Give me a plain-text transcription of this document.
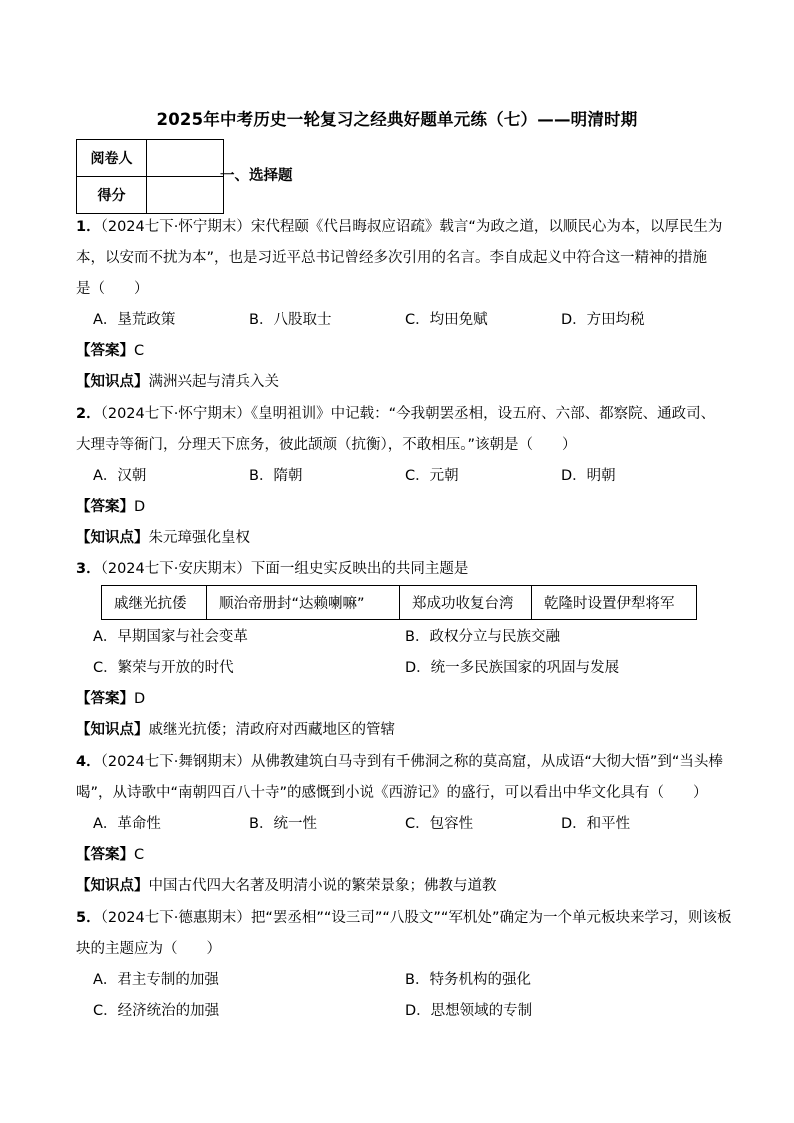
2025年中考历史一轮复习之经典好题单元练（七）——明清时期
阅卷人	
得分	
一、选择题
1．（2024七下·怀宁期末）宋代程颐《代吕晦叔应诏疏》载言“为政之道，以顺民心为本，以厚民生为
本，以安而不扰为本”，也是习近平总书记曾经多次引用的名言。李自成起义中符合这一精神的措施
是（　　）
A．垦荒政策	B．八股取士	C．均田免赋	D．方田均税
【答案】C
【知识点】满洲兴起与清兵入关
2．（2024七下·怀宁期末）《皇明祖训》中记载：“今我朝罢丞相，设五府、六部、都察院、通政司、
大理寺等衙门，分理天下庶务，彼此颉颃（抗衡），不敢相压。”该朝是（　　）
A．汉朝	B．隋朝	C．元朝	D．明朝
【答案】D
【知识点】朱元璋强化皇权
3．（2024七下·安庆期末）下面一组史实反映出的共同主题是
戚继光抗倭	顺治帝册封“达赖喇嘛”	郑成功收复台湾	乾隆时设置伊犁将军
A．早期国家与社会变革	B．政权分立与民族交融
C．繁荣与开放的时代	D．统一多民族国家的巩固与发展
【答案】D
【知识点】戚继光抗倭；清政府对西藏地区的管辖
4．（2024七下·舞钢期末）从佛教建筑白马寺到有千佛洞之称的莫高窟，从成语“大彻大悟”到“当头棒
喝”，从诗歌中“南朝四百八十寺”的感慨到小说《西游记》的盛行，可以看出中华文化具有（　　）
A．革命性	B．统一性	C．包容性	D．和平性
【答案】C
【知识点】中国古代四大名著及明清小说的繁荣景象；佛教与道教
5．（2024七下·德惠期末）把“罢丞相”“设三司”“八股文”“军机处”确定为一个单元板块来学习，则该板
块的主题应为（　　）
A．君主专制的加强	B．特务机构的强化
C．经济统治的加强	D．思想领域的专制
